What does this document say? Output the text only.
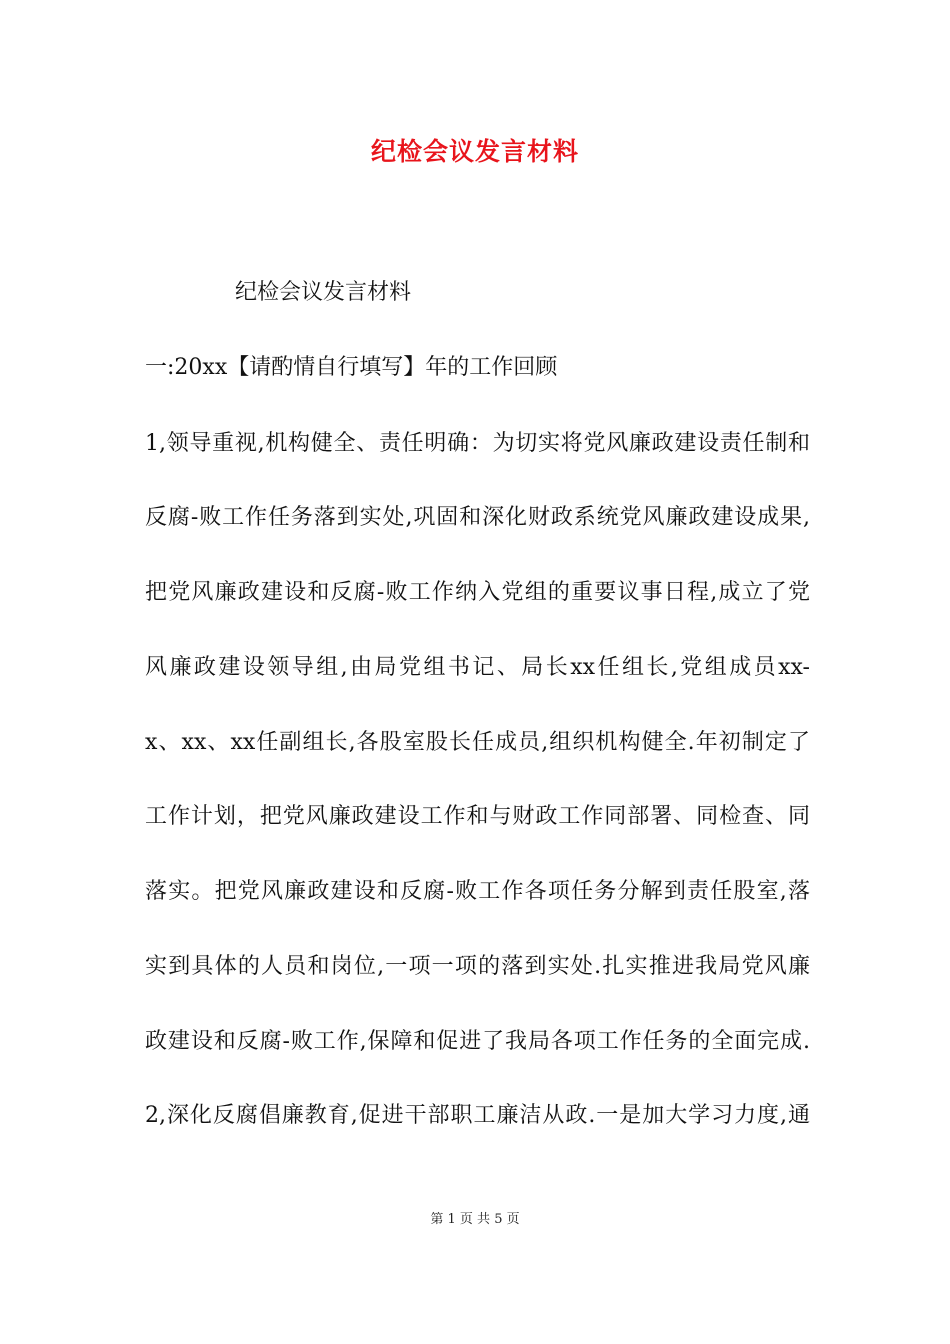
纪检会议发言材料
纪检会议发言材料
一:20xx【请酌情自行填写】年的工作回顾
1,领导重视,机构健全、责任明确：为切实将党风廉政建设责任制和
反腐-败工作任务落到实处,巩固和深化财政系统党风廉政建设成果,
把党风廉政建设和反腐-败工作纳入党组的重要议事日程,成立了党
风廉政建设领导组,由局党组书记、局长xx任组长,党组成员xx-
x、xx、xx任副组长,各股室股长任成员,组织机构健全.年初制定了
工作计划，把党风廉政建设工作和与财政工作同部署、同检查、同
落实。把党风廉政建设和反腐-败工作各项任务分解到责任股室,落
实到具体的人员和岗位,一项一项的落到实处.扎实推进我局党风廉
政建设和反腐-败工作,保障和促进了我局各项工作任务的全面完成.
2,深化反腐倡廉教育,促进干部职工廉洁从政.一是加大学习力度,通
第 1 页 共 5 页
